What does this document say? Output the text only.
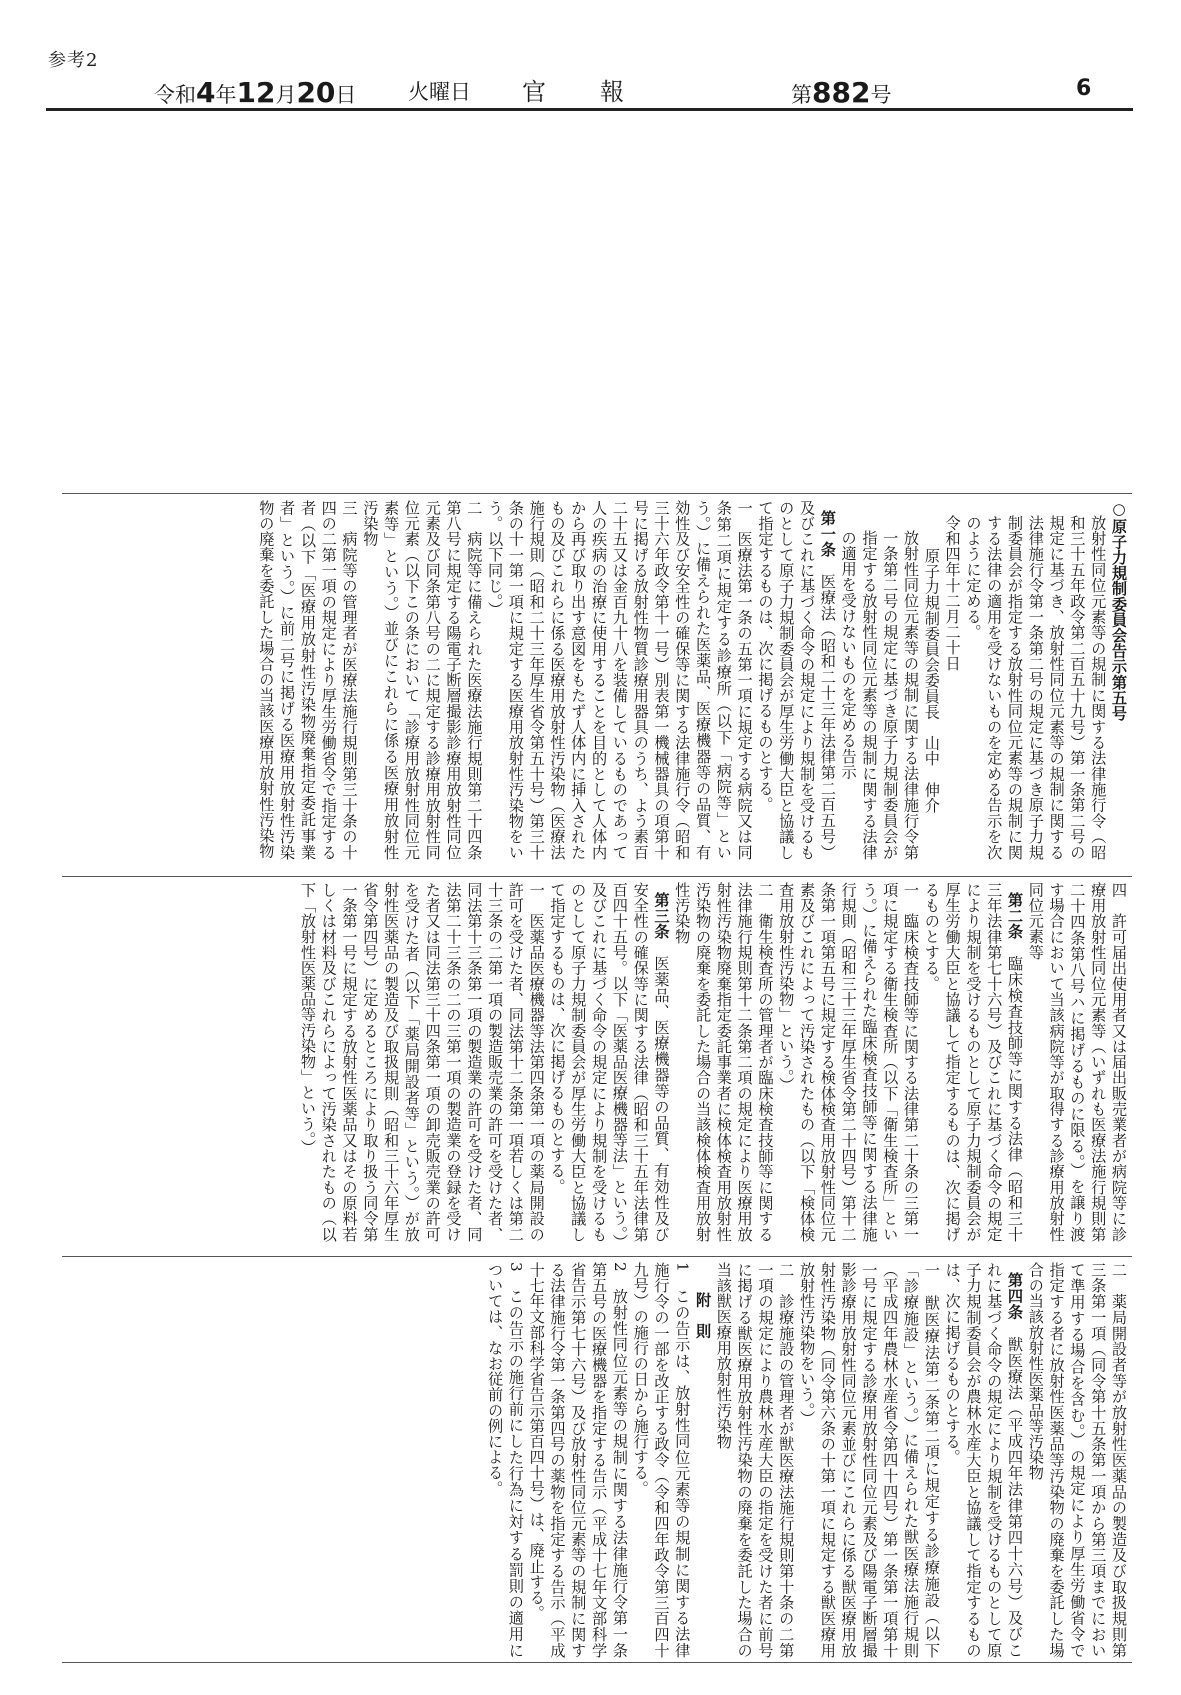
参考2
令和4年12月20日 火曜日 官報	第882号	6

○原子力規制委員会告示第五号

放射性同位元素等の規制に関する法律施行令（昭和三十五年政令第二百五十九号）第一条第二号の規定に基づき、放射性同位元素等の規制に関する法律施行令第一条第二号の規定に基づき原子力規制委員会が指定する放射性同位元素等の規制に関する法律の適用を受けないものを定める告示を次のように定める。

令和四年十二月二十日

原子力規制委員会委員長　山中　伸介

放射性同位元素等の規制に関する法律施行令第一条第二号の規定に基づき原子力規制委員会が指定する放射性同位元素等の規制に関する法律の適用を受けないものを定める告示

第一条　医療法（昭和二十三年法律第二百五号）及びこれに基づく命令の規定により規制を受けるものとして原子力規制委員会が厚生労働大臣と協議して指定するものは、次に掲げるものとする。

一　医療法第一条の五第一項に規定する病院又は同条第二項に規定する診療所（以下「病院等」という。）に備えられた医薬品、医療機器等の品質、有効性及び安全性の確保等に関する法律施行令（昭和三十六年政令第十一号）別表第一機械器具の項第十号に掲げる放射性物質診療用器具のうち、よう素百二十五又は金百九十八を装備しているものであって人の疾病の治療に使用することを目的として人体内から再び取り出す意図をもたず人体内に挿入されたもの及びこれらに係る医療用放射性汚染物（医療法施行規則（昭和二十三年厚生省令第五十号）第三十条の十一第一項に規定する医療用放射性汚染物をいう。以下同じ。）

二　病院等に備えられた医療法施行規則第二十四条第八号に規定する陽電子断層撮影診療用放射性同位元素及び同条第八号の二に規定する診療用放射性同位元素（以下この条において「診療用放射性同位元素等」という。）並びにこれらに係る医療用放射性汚染物

三　病院等の管理者が医療法施行規則第三十条の十四の二第一項の規定により厚生労働省令で指定する者（以下「医療用放射性汚染物廃棄指定委託事業者」という。）に前二号に掲げる医療用放射性汚染物の廃棄を委託した場合の当該医療用放射性汚染物

四　許可届出使用者又は届出販売業者が病院等に診療用放射性同位元素等（いずれも医療法施行規則第二十四条第八号ハに掲げるものに限る。）を譲り渡す場合において当該病院等が取得する診療用放射性同位元素等

第二条　臨床検査技師等に関する法律（昭和三十三年法律第七十六号）及びこれに基づく命令の規定により規制を受けるものとして原子力規制委員会が厚生労働大臣と協議して指定するものは、次に掲げるものとする。

一　臨床検査技師等に関する法律第二十条の三第一項に規定する衛生検査所（以下「衛生検査所」という。）に備えられた臨床検査技師等に関する法律施行規則（昭和三十三年厚生省令第二十四号）第十二条第一項第五号に規定する検体検査用放射性同位元素及びこれによって汚染されたもの（以下「検体検査用放射性汚染物」という。）

二　衛生検査所の管理者が臨床検査技師等に関する法律施行規則第十二条第二項の規定により医療用放射性汚染物廃棄指定委託事業者に検体検査用放射性汚染物の廃棄を委託した場合の当該検体検査用放射性汚染物

第三条　医薬品、医療機器等の品質、有効性及び安全性の確保等に関する法律（昭和三十五年法律第百四十五号。以下「医薬品医療機器等法」という。）及びこれに基づく命令の規定により規制を受けるものとして原子力規制委員会が厚生労働大臣と協議して指定するものは、次に掲げるものとする。

一　医薬品医療機器等法第四条第一項の薬局開設の許可を受けた者、同法第十二条第一項若しくは第二十三条の二第一項の製造販売業の許可を受けた者、同法第十三条第一項の製造業の許可を受けた者、同法第二十三条の二の三第一項の製造業の登録を受けた者又は同法第三十四条第一項の卸売販売業の許可を受けた者（以下「薬局開設者等」という。）が放射性医薬品の製造及び取扱規則（昭和三十六年厚生省令第四号）に定めるところにより取り扱う同令第一条第一号に規定する放射性医薬品又はその原料若しくは材料及びこれらによって汚染されたもの（以下「放射性医薬品等汚染物」という。）

二　薬局開設者等が放射性医薬品の製造及び取扱規則第三条第一項（同令第十五条第一項から第三項までにおいて準用する場合を含む。）の規定により厚生労働省令で指定する者に放射性医薬品等汚染物の廃棄を委託した場合の当該放射性医薬品等汚染物

第四条　獣医療法（平成四年法律第四十六号）及びこれに基づく命令の規定により規制を受けるものとして原子力規制委員会が農林水産大臣と協議して指定するものは、次に掲げるものとする。

一　獣医療法第二条第二項に規定する診療施設（以下「診療施設」という。）に備えられた獣医療法施行規則（平成四年農林水産省令第四十四号）第一条第一項第十一号に規定する診療用放射性同位元素及び陽電子断層撮影診療用放射性同位元素並びにこれらに係る獣医療用放射性汚染物（同令第六条の十第一項に規定する獣医療用放射性汚染物をいう。）

二　診療施設の管理者が獣医療法施行規則第十条の二第一項の規定により農林水産大臣の指定を受けた者に前号に掲げる獣医療用放射性汚染物の廃棄を委託した場合の当該獣医療用放射性汚染物

附　則

1　この告示は、放射性同位元素等の規制に関する法律施行令の一部を改正する政令（令和四年政令第三百四十九号）の施行の日から施行する。

2　放射性同位元素等の規制に関する法律施行令第一条第五号の医療機器を指定する告示（平成十七年文部科学省告示第七十六号）及び放射性同位元素等の規制に関する法律施行令第一条第四号の薬物を指定する告示（平成十七年文部科学省告示第百四十号）は、廃止する。

3　この告示の施行前にした行為に対する罰則の適用については、なお従前の例による。
